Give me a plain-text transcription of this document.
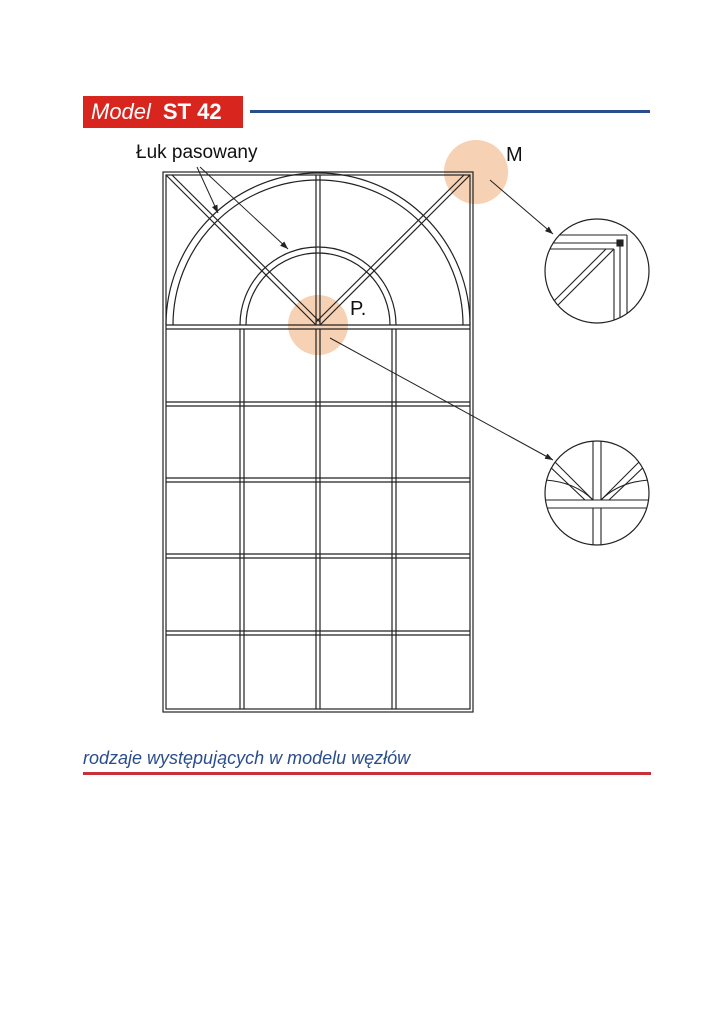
Model ST 42
Łuk pasowany	M
P.
rodzaje występujących w modelu węzłów
